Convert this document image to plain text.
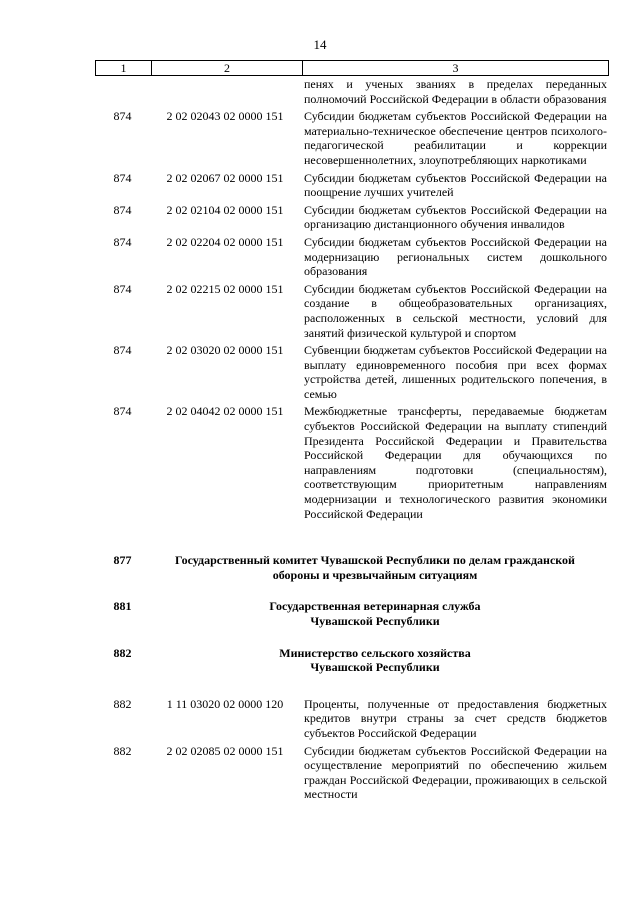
14
1	2	3
пенях и ученых званиях в пределах переданных полномочий Российской Федерации в области образования
874	2 02 02043 02 0000 151	Субсидии бюджетам субъектов Российской Федерации на материально-техническое обеспечение центров психолого-педагогической реабилитации и коррекции несовершеннолетних, злоупотребляющих наркотиками
874	2 02 02067 02 0000 151	Субсидии бюджетам субъектов Российской Федерации на поощрение лучших учителей
874	2 02 02104 02 0000 151	Субсидии бюджетам субъектов Российской Федерации на организацию дистанционного обучения инвалидов
874	2 02 02204 02 0000 151	Субсидии бюджетам субъектов Российской Федерации на модернизацию региональных систем дошкольного образования
874	2 02 02215 02 0000 151	Субсидии бюджетам субъектов Российской Федерации на создание в общеобразовательных организациях, расположенных в сельской местности, условий для занятий физической культурой и спортом
874	2 02 03020 02 0000 151	Субвенции бюджетам субъектов Российской Федерации на выплату единовременного пособия при всех формах устройства детей, лишенных родительского попечения, в семью
874	2 02 04042 02 0000 151	Межбюджетные трансферты, передаваемые бюджетам субъектов Российской Федерации на выплату стипендий Президента Российской Федерации и Правительства Российской Федерации для обучающихся по направлениям подготовки (специальностям), соответствующим приоритетным направлениям модернизации и технологического развития экономики Российской Федерации
877	Государственный комитет Чувашской Республики по делам гражданской
обороны и чрезвычайным ситуациям
881	Государственная ветеринарная служба
Чувашской Республики
882	Министерство сельского хозяйства
Чувашской Республики
882	1 11 03020 02 0000 120	Проценты, полученные от предоставления бюджетных кредитов внутри страны за счет средств бюджетов субъектов Российской Федерации
882	2 02 02085 02 0000 151	Субсидии бюджетам субъектов Российской Федерации на осуществление мероприятий по обеспечению жильем граждан Российской Федерации, проживающих в сельской местности
